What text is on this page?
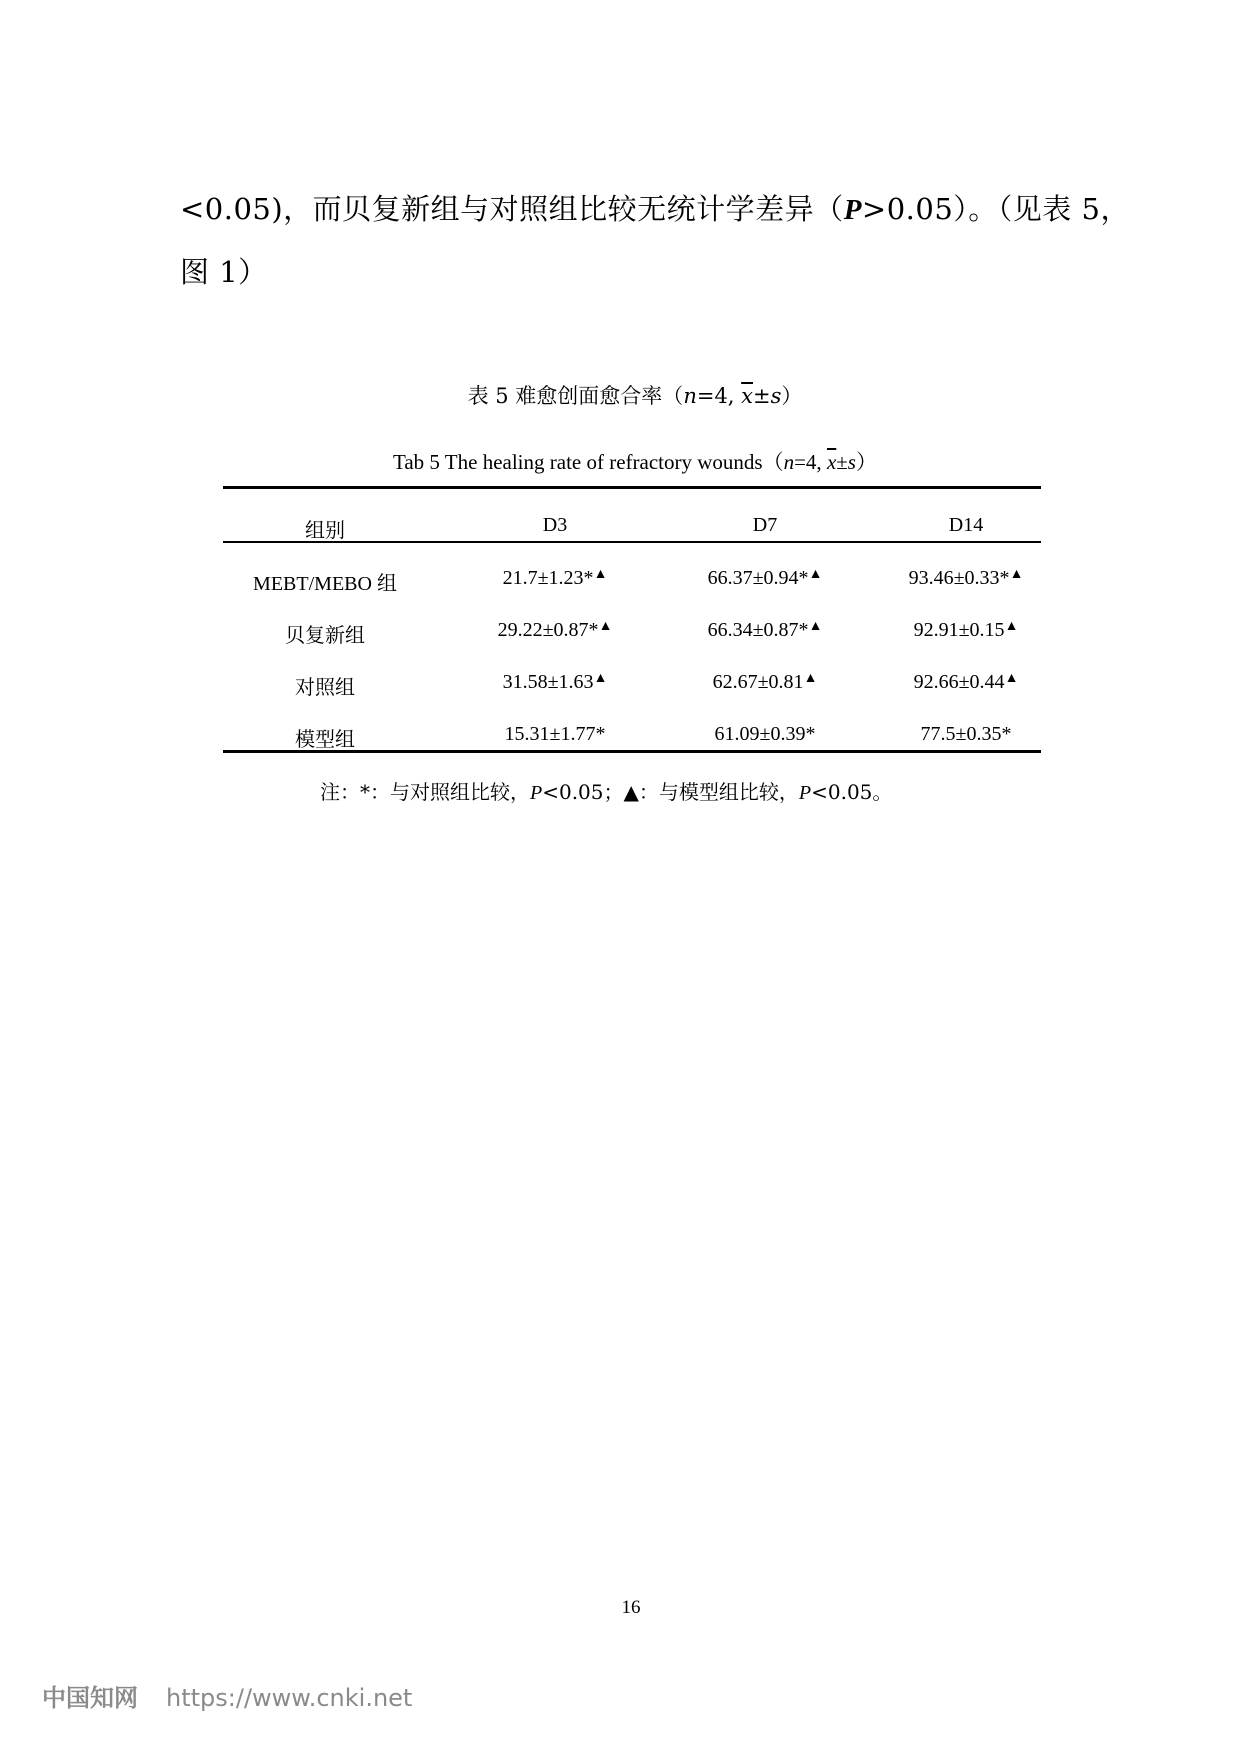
<0.05)，而贝复新组与对照组比较无统计学差异（P>0.05）。（见表 5，
图 1）
表 5 难愈创面愈合率（n=4, $\overline{x}\pm s$）
Tab 5 The healing rate of refractory wounds（n=4, $\overline{x}\pm s$）
组别	D3	D7	D14
MEBT/MEBO 组	21.7±1.23*▲	66.37±0.94*▲	93.46±0.33*▲
贝复新组	29.22±0.87*▲	66.34±0.87*▲	92.91±0.15▲
对照组	31.58±1.63▲	62.67±0.81▲	92.66±0.44▲
模型组	15.31±1.77*	61.09±0.39*	77.5±0.35*
注：*：与对照组比较，P<0.05；▲：与模型组比较，P<0.05。
16
中国知网 https://www.cnki.net
